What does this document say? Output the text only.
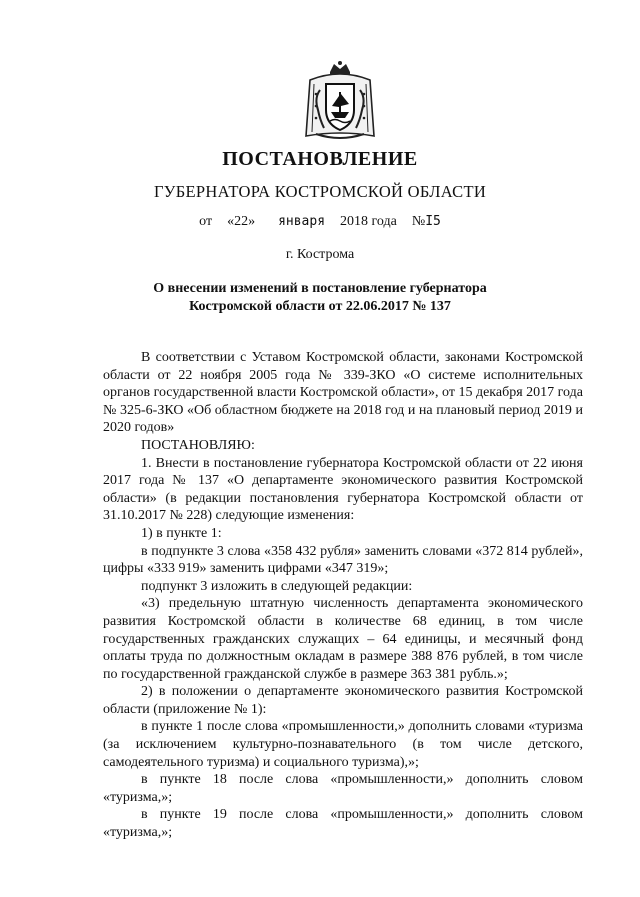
ПОСТАНОВЛЕНИЕ
ГУБЕРНАТОРА КОСТРОМСКОЙ ОБЛАСТИ
от «22» января 2018 года №I5
г. Кострома
О внесении изменений в постановление губернатора
Костромской области от 22.06.2017 № 137

В соответствии с Уставом Костромской области, законами Костромской области от 22 ноября 2005 года № 339-ЗКО «О системе исполнительных органов государственной власти Костромской области», от 15 декабря 2017 года № 325-6-ЗКО «Об областном бюджете на 2018 год и на плановый период 2019 и 2020 годов»

ПОСТАНОВЛЯЮ:

1. Внести в постановление губернатора Костромской области от 22 июня 2017 года № 137 «О департаменте экономического развития Костромской области» (в редакции постановления губернатора Костромской области от 31.10.2017 № 228) следующие изменения:

1) в пункте 1:

в подпункте 3 слова «358 432 рубля» заменить словами «372 814 рублей», цифры «333 919» заменить цифрами «347 319»;

подпункт 3 изложить в следующей редакции:

«3) предельную штатную численность департамента экономического развития Костромской области в количестве 68 единиц, в том числе государственных гражданских служащих – 64 единицы, и месячный фонд оплаты труда по должностным окладам в размере 388 876 рублей, в том числе по государственной гражданской службе в размере 363 381 рубль.»;

2) в положении о департаменте экономического развития Костромской области (приложение № 1):

в пункте 1 после слова «промышленности,» дополнить словами «туризма (за исключением культурно-познавательного (в том числе детского, самодеятельного туризма) и социального туризма),»;

в пункте 18 после слова «промышленности,» дополнить словом «туризма,»;

в пункте 19 после слова «промышленности,» дополнить словом «туризма,»;
